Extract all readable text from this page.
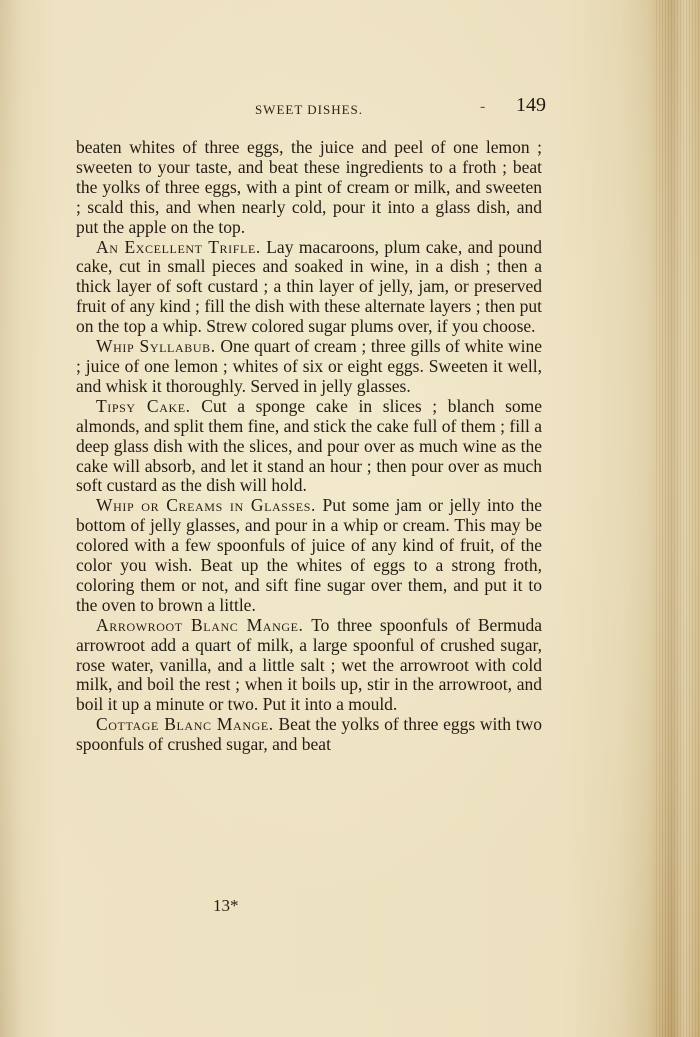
SWEET DISHES.	-	149

beaten whites of three eggs, the juice and peel of one lemon ; sweeten to your taste, and beat these ingredients to a froth ; beat the yolks of three eggs, with a pint of cream or milk, and sweeten ; scald this, and when nearly cold, pour it into a glass dish, and put the apple on the top.

An Excellent Trifle. Lay macaroons, plum cake, and pound cake, cut in small pieces and soaked in wine, in a dish ; then a thick layer of soft custard ; a thin layer of jelly, jam, or preserved fruit of any kind ; fill the dish with these alternate layers ; then put on the top a whip. Strew colored sugar plums over, if you choose.

Whip Syllabub. One quart of cream ; three gills of white wine ; juice of one lemon ; whites of six or eight eggs. Sweeten it well, and whisk it thoroughly. Served in jelly glasses.

Tipsy Cake. Cut a sponge cake in slices ; blanch some almonds, and split them fine, and stick the cake full of them ; fill a deep glass dish with the slices, and pour over as much wine as the cake will absorb, and let it stand an hour ; then pour over as much soft custard as the dish will hold.

Whip or Creams in Glasses. Put some jam or jelly into the bottom of jelly glasses, and pour in a whip or cream. This may be colored with a few spoonfuls of juice of any kind of fruit, of the color you wish. Beat up the whites of eggs to a strong froth, coloring them or not, and sift fine sugar over them, and put it to the oven to brown a little.

Arrowroot Blanc Mange. To three spoonfuls of Bermuda arrowroot add a quart of milk, a large spoonful of crushed sugar, rose water, vanilla, and a little salt ; wet the arrowroot with cold milk, and boil the rest ; when it boils up, stir in the arrowroot, and boil it up a minute or two. Put it into a mould.

Cottage Blanc Mange. Beat the yolks of three eggs with two spoonfuls of crushed sugar, and beat

13*
